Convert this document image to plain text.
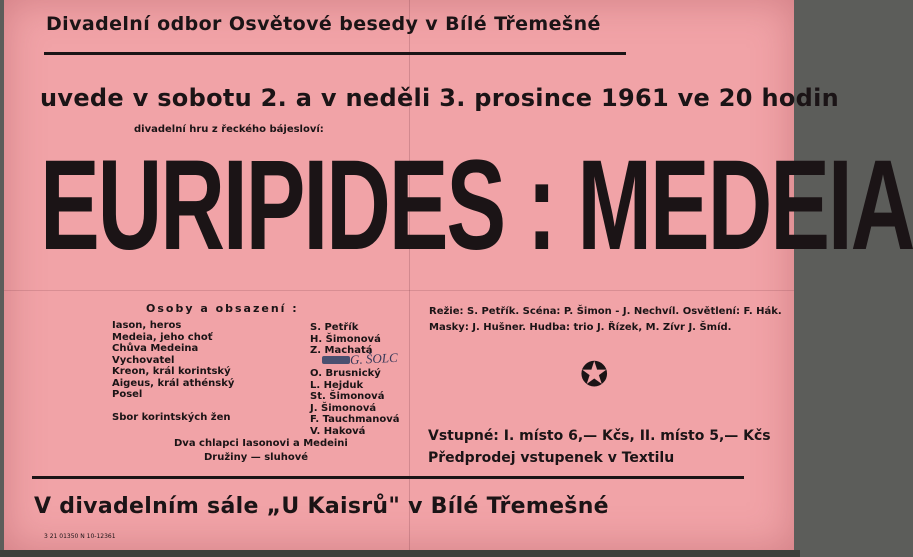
Divadelní odbor Osvětové besedy v Bílé Třemešné
uvede v sobotu 2. a v neděli 3. prosince 1961 ve 20 hodin
divadelní hru z řeckého bájesloví:
EURIPIDES : MEDEIA
Osoby a obsazení :
Iason, heros
Medeia, jeho choť
Chůva Medeina
Vychovatel
Kreon, král korintský
Aigeus, král athénský
Posel

Sbor korintských žen
S. Petřík
H. Šimonová
Z. Machatá

O. Brusnický
L. Hejduk
St. Šimonová
J. Šimonová
F. Tauchmanová
V. Haková
G. ŠOLC
Dva chlapci Iasonovi a Medeini
Družiny — sluhové
Režie: S. Petřík. Scéna: P. Šimon - J. Nechvíl. Osvětlení: F. Hák.
Masky: J. Hušner. Hudba: trio J. Řízek, M. Zívr J. Šmíd.
✪
Vstupné: I. místo 6,— Kčs, II. místo 5,— Kčs
Předprodej vstupenek v Textilu
V divadelním sále „U Kaisrů" v Bílé Třemešné
3 21 01350 N 10-12361
